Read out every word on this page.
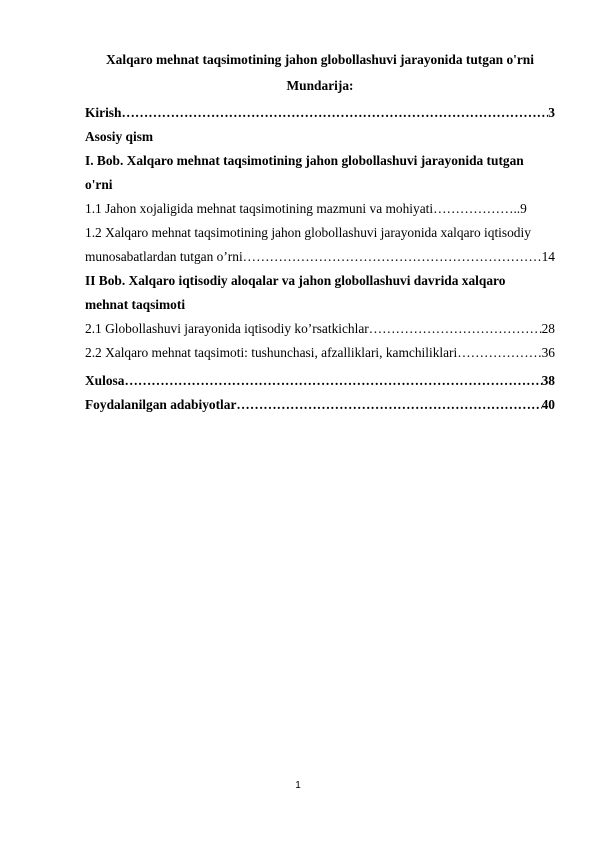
Xalqaro mehnat taqsimotining jahon globollashuvi jarayonida tutgan o'rni
Mundarija:
Kirish …………………………………………………………………………………………………………………………………………………………………………………………	3
Asosiy qism
I. Bob. Xalqaro mehnat taqsimotining jahon globollashuvi jarayonida tutgan
o'rni
1.1 Jahon xojaligida mehnat taqsimotining mazmuni va mohiyati………………..9
1.2 Xalqaro mehnat taqsimotining jahon globollashuvi jarayonida xalqaro iqtisodiy
munosabatlardan tutgan o’rni …………………………………………………………………………………………………………………………………………………………………………………………	14
II Bob. Xalqaro iqtisodiy aloqalar va jahon globollashuvi davrida xalqaro
mehnat taqsimoti
2.1 Globollashuvi jarayonida iqtisodiy ko’rsatkichlar …………………………………………………………………………………………………………………………………………………………………………………………	28
2.2 Xalqaro mehnat taqsimoti: tushunchasi, afzalliklari, kamchiliklari …………………………………………………………………………………………………………………………………………………………………………………………	36
Xulosa …………………………………………………………………………………………………………………………………………………………………………………………	38
Foydalanilgan adabiyotlar …………………………………………………………………………………………………………………………………………………………………………………………	40
1
